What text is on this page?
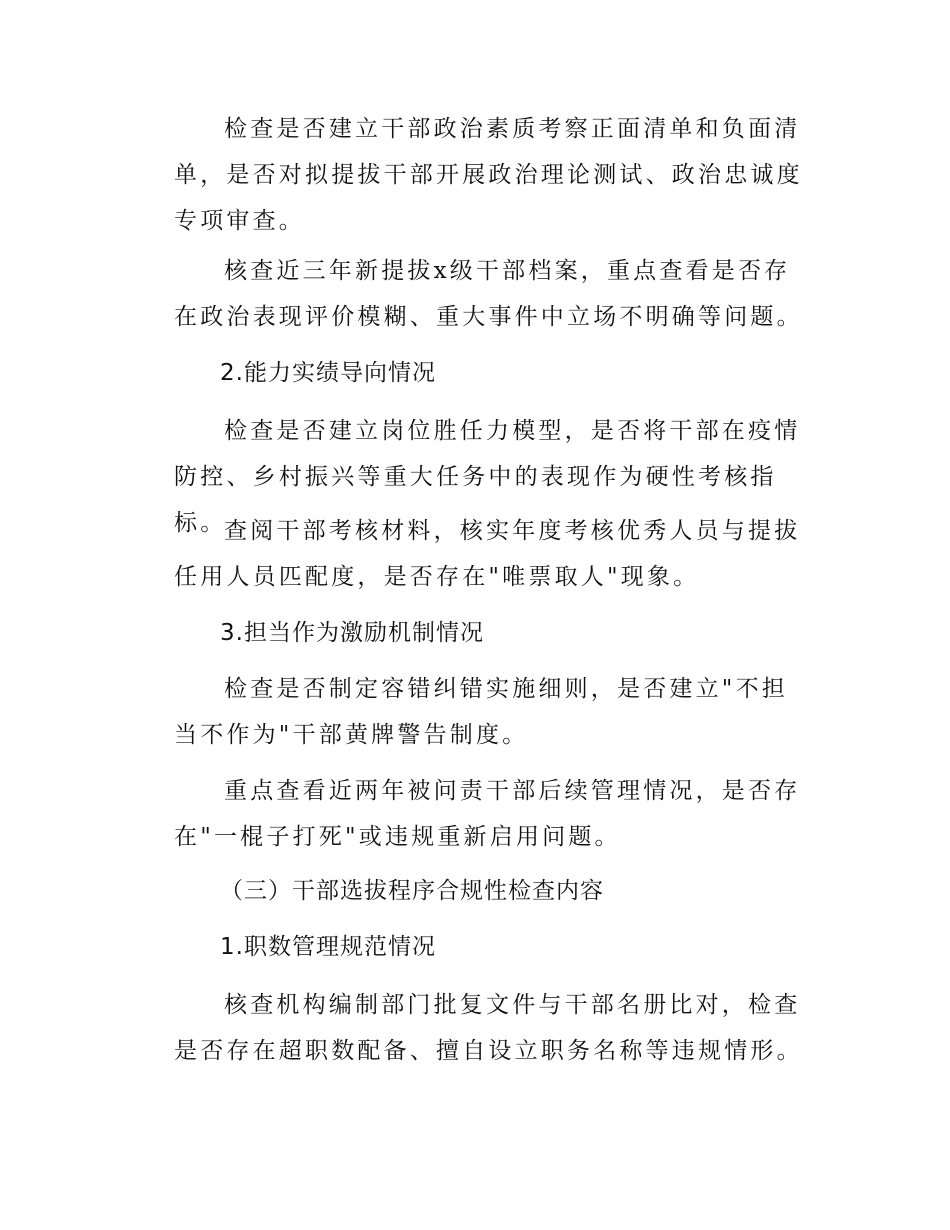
检查是否建立干部政治素质考察正面清单和负面清单，是否对拟提拔干部开展政治理论测试、政治忠诚度专项审查。

核查近三年新提拔x级干部档案，重点查看是否存在政治表现评价模糊、重大事件中立场不明确等问题。

2.能力实绩导向情况

检查是否建立岗位胜任力模型，是否将干部在疫情防控、乡村振兴等重大任务中的表现作为硬性考核指标。

查阅干部考核材料，核实年度考核优秀人员与提拔任用人员匹配度，是否存在"唯票取人"现象。

3.担当作为激励机制情况

检查是否制定容错纠错实施细则，是否建立"不担当不作为"干部黄牌警告制度。

重点查看近两年被问责干部后续管理情况，是否存在"一棍子打死"或违规重新启用问题。

（三）干部选拔程序合规性检查内容

1.职数管理规范情况

核查机构编制部门批复文件与干部名册比对，检查是否存在超职数配备、擅自设立职务名称等违规情形。
